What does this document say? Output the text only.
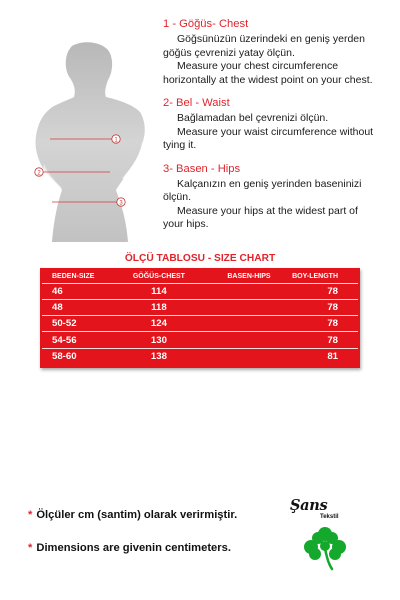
1
2
3
1 - Göğüs- Chest

Göğsünüzün üzerindeki en geniş yerden

göğüs çevrenizi yatay ölçün.

Measure your chest circumference

horizontally at the widest point on your chest.

2- Bel - Waist

Bağlamadan bel çevrenizi ölçün.

Measure your waist circumference without

tying it.

3- Basen - Hips

Kalçanızın en geniş yerinden baseninizi

ölçün.

Measure your hips at the widest part of

your hips.

ÖLÇÜ TABLOSU - SIZE CHART
BEDEN-SIZE	GÖĞÜS-CHEST	BASEN-HIPS	BOY-LENGTH
46	114		78
48	118		78
50-52	124		78
54-56	130		78
58-60	138		81
* Ölçüler cm (santim) olarak verirmiştir.
* Dimensions are givenin centimeters.
Şans
Tekstil
